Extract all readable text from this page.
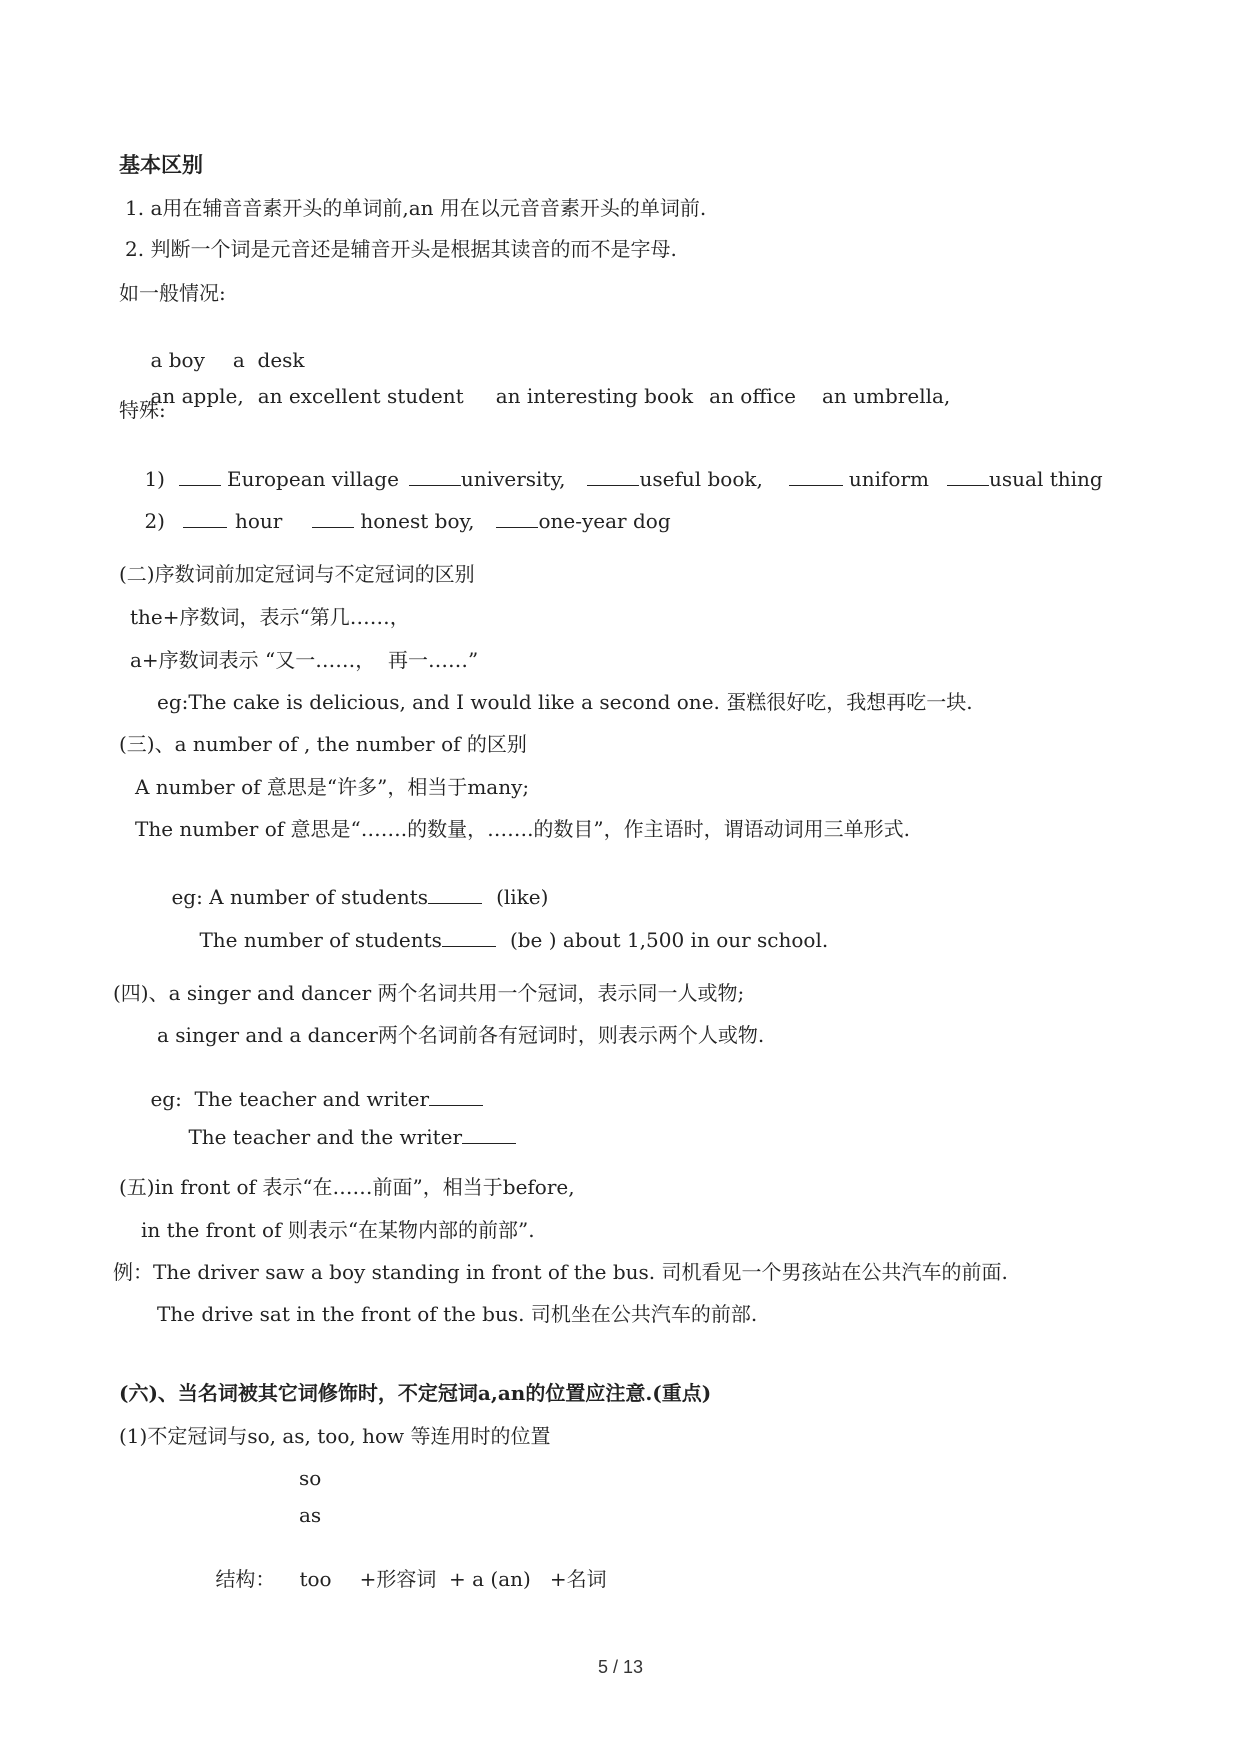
基本区别
1. a用在辅音音素开头的单词前,an 用在以元音音素开头的单词前.
2. 判断一个词是元音还是辅音开头是根据其读音的而不是字母.
如一般情况:

a boy a  desk

an apple, an excellent student an interesting book an office an umbrella,

特殊:

1)	European village	university,	useful book,	uniform	usual thing

2)	hour	honest boy,	one-year dog

(二)序数词前加定冠词与不定冠词的区别
the+序数词，表示“第几……，
a+序数词表示 “又一……，  再一……”
eg:The cake is delicious, and I would like a second one. 蛋糕很好吃，我想再吃一块.
(三)、a number of , the number of 的区别
A number of 意思是“许多”，相当于many;
The number of 意思是“…….的数量，…….的数目”，作主语时，谓语动词用三单形式.

eg: A number of students	(like)

The number of students	(be ) about 1,500 in our school.

(四)、a singer and dancer 两个名词共用一个冠词，表示同一人或物;
a singer and a dancer两个名词前各有冠词时，则表示两个人或物.

eg:  The teacher and writer

The teacher and the writer

(五)in front of 表示“在……前面”，相当于before,
in the front of 则表示“在某物内部的前部”.
例：The driver saw a boy standing in front of the bus. 司机看见一个男孩站在公共汽车的前面.
The drive sat in the front of the bus. 司机坐在公共汽车的前部.
(六)、当名词被其它词修饰时，不定冠词a,an的位置应注意.(重点)
(1)不定冠词与so, as, too, how 等连用时的位置
so
as

结构： too +形容词  + a (an)   +名词

5 / 13
